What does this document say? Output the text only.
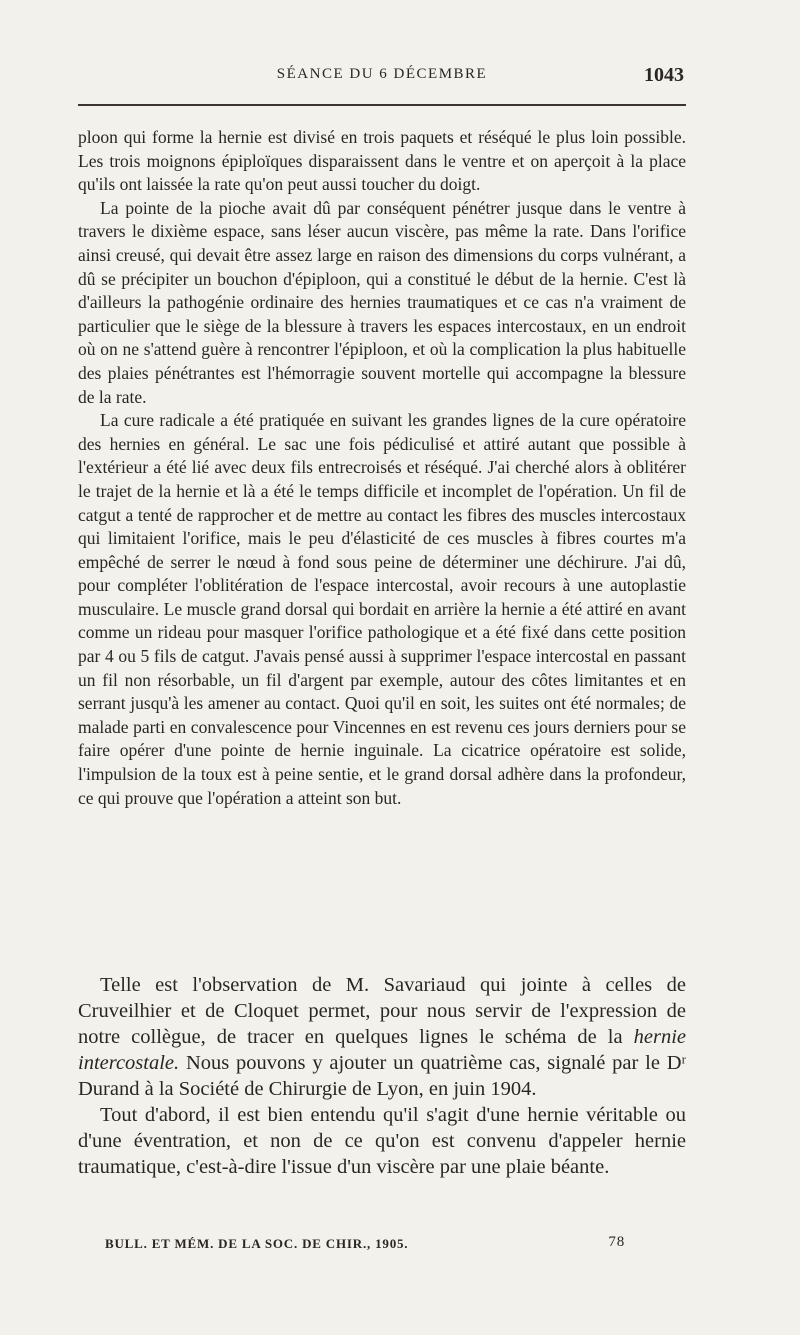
SÉANCE DU 6 DÉCEMBRE	1043

ploon qui forme la hernie est divisé en trois paquets et réséqué le plus loin possible. Les trois moignons épiploïques disparaissent dans le ventre et on aperçoit à la place qu'ils ont laissée la rate qu'on peut aussi toucher du doigt.

La pointe de la pioche avait dû par conséquent pénétrer jusque dans le ventre à travers le dixième espace, sans léser aucun viscère, pas même la rate. Dans l'orifice ainsi creusé, qui devait être assez large en raison des dimensions du corps vulnérant, a dû se précipiter un bouchon d'épiploon, qui a constitué le début de la hernie. C'est là d'ailleurs la pathogénie ordinaire des hernies traumatiques et ce cas n'a vraiment de particulier que le siège de la blessure à travers les espaces intercostaux, en un endroit où on ne s'attend guère à rencontrer l'épiploon, et où la complication la plus habituelle des plaies pénétrantes est l'hémorragie souvent mortelle qui accompagne la blessure de la rate.

La cure radicale a été pratiquée en suivant les grandes lignes de la cure opératoire des hernies en général. Le sac une fois pédiculisé et attiré autant que possible à l'extérieur a été lié avec deux fils entrecroisés et réséqué. J'ai cherché alors à oblitérer le trajet de la hernie et là a été le temps difficile et incomplet de l'opération. Un fil de catgut a tenté de rapprocher et de mettre au contact les fibres des muscles intercostaux qui limitaient l'orifice, mais le peu d'élasticité de ces muscles à fibres courtes m'a empêché de serrer le nœud à fond sous peine de déterminer une déchirure. J'ai dû, pour compléter l'oblitération de l'espace intercostal, avoir recours à une autoplastie musculaire. Le muscle grand dorsal qui bordait en arrière la hernie a été attiré en avant comme un rideau pour masquer l'orifice pathologique et a été fixé dans cette position par 4 ou 5 fils de catgut. J'avais pensé aussi à supprimer l'espace intercostal en passant un fil non résorbable, un fil d'argent par exemple, autour des côtes limitantes et en serrant jusqu'à les amener au contact. Quoi qu'il en soit, les suites ont été normales; de malade parti en convalescence pour Vincennes en est revenu ces jours derniers pour se faire opérer d'une pointe de hernie inguinale. La cicatrice opératoire est solide, l'impulsion de la toux est à peine sentie, et le grand dorsal adhère dans la profondeur, ce qui prouve que l'opération a atteint son but.

Telle est l'observation de M. Savariaud qui jointe à celles de Cruveilhier et de Cloquet permet, pour nous servir de l'expression de notre collègue, de tracer en quelques lignes le schéma de la hernie intercostale. Nous pouvons y ajouter un quatrième cas, signalé par le Dʳ Durand à la Société de Chirurgie de Lyon, en juin 1904.

Tout d'abord, il est bien entendu qu'il s'agit d'une hernie véritable ou d'une éventration, et non de ce qu'on est convenu d'appeler hernie traumatique, c'est-à-dire l'issue d'un viscère par une plaie béante.

BULL. ET MÉM. DE LA SOC. DE CHIR., 1905.	78
